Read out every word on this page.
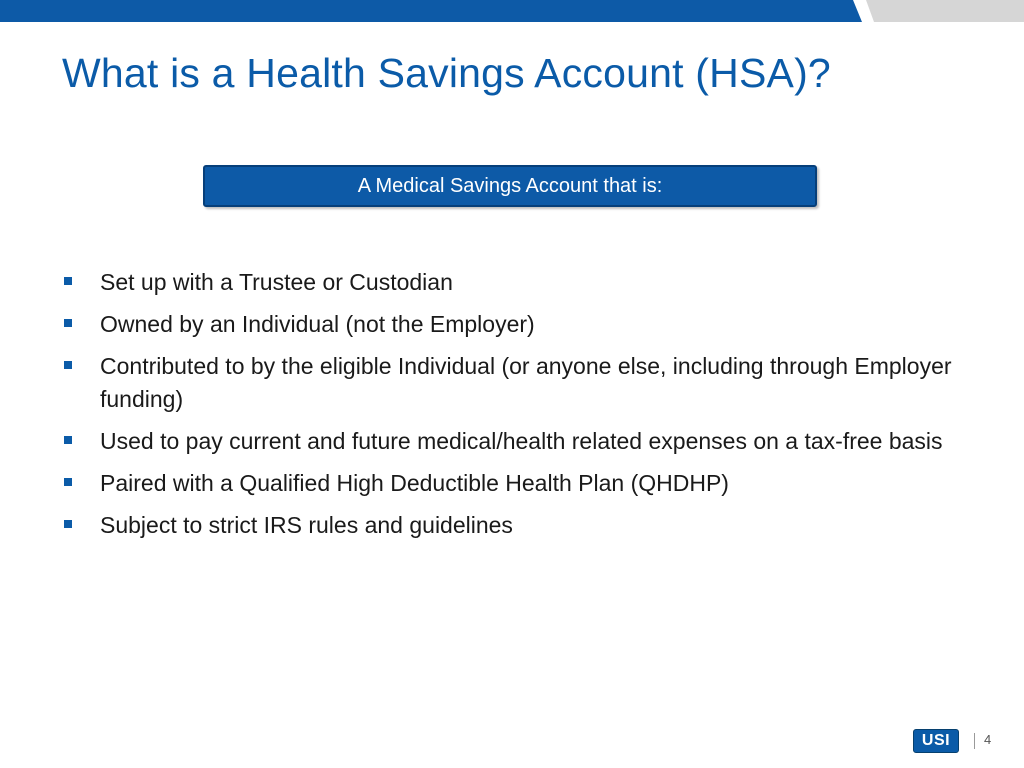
What is a Health Savings Account (HSA)?
A Medical Savings Account that is:
Set up with a Trustee or Custodian
Owned by an Individual (not the Employer)
Contributed to by the eligible Individual (or anyone else, including through Employer funding)
Used to pay current and future medical/health related expenses on a tax-free basis
Paired with a Qualified High Deductible Health Plan (QHDHP)
Subject to strict IRS rules and guidelines
USI	4
